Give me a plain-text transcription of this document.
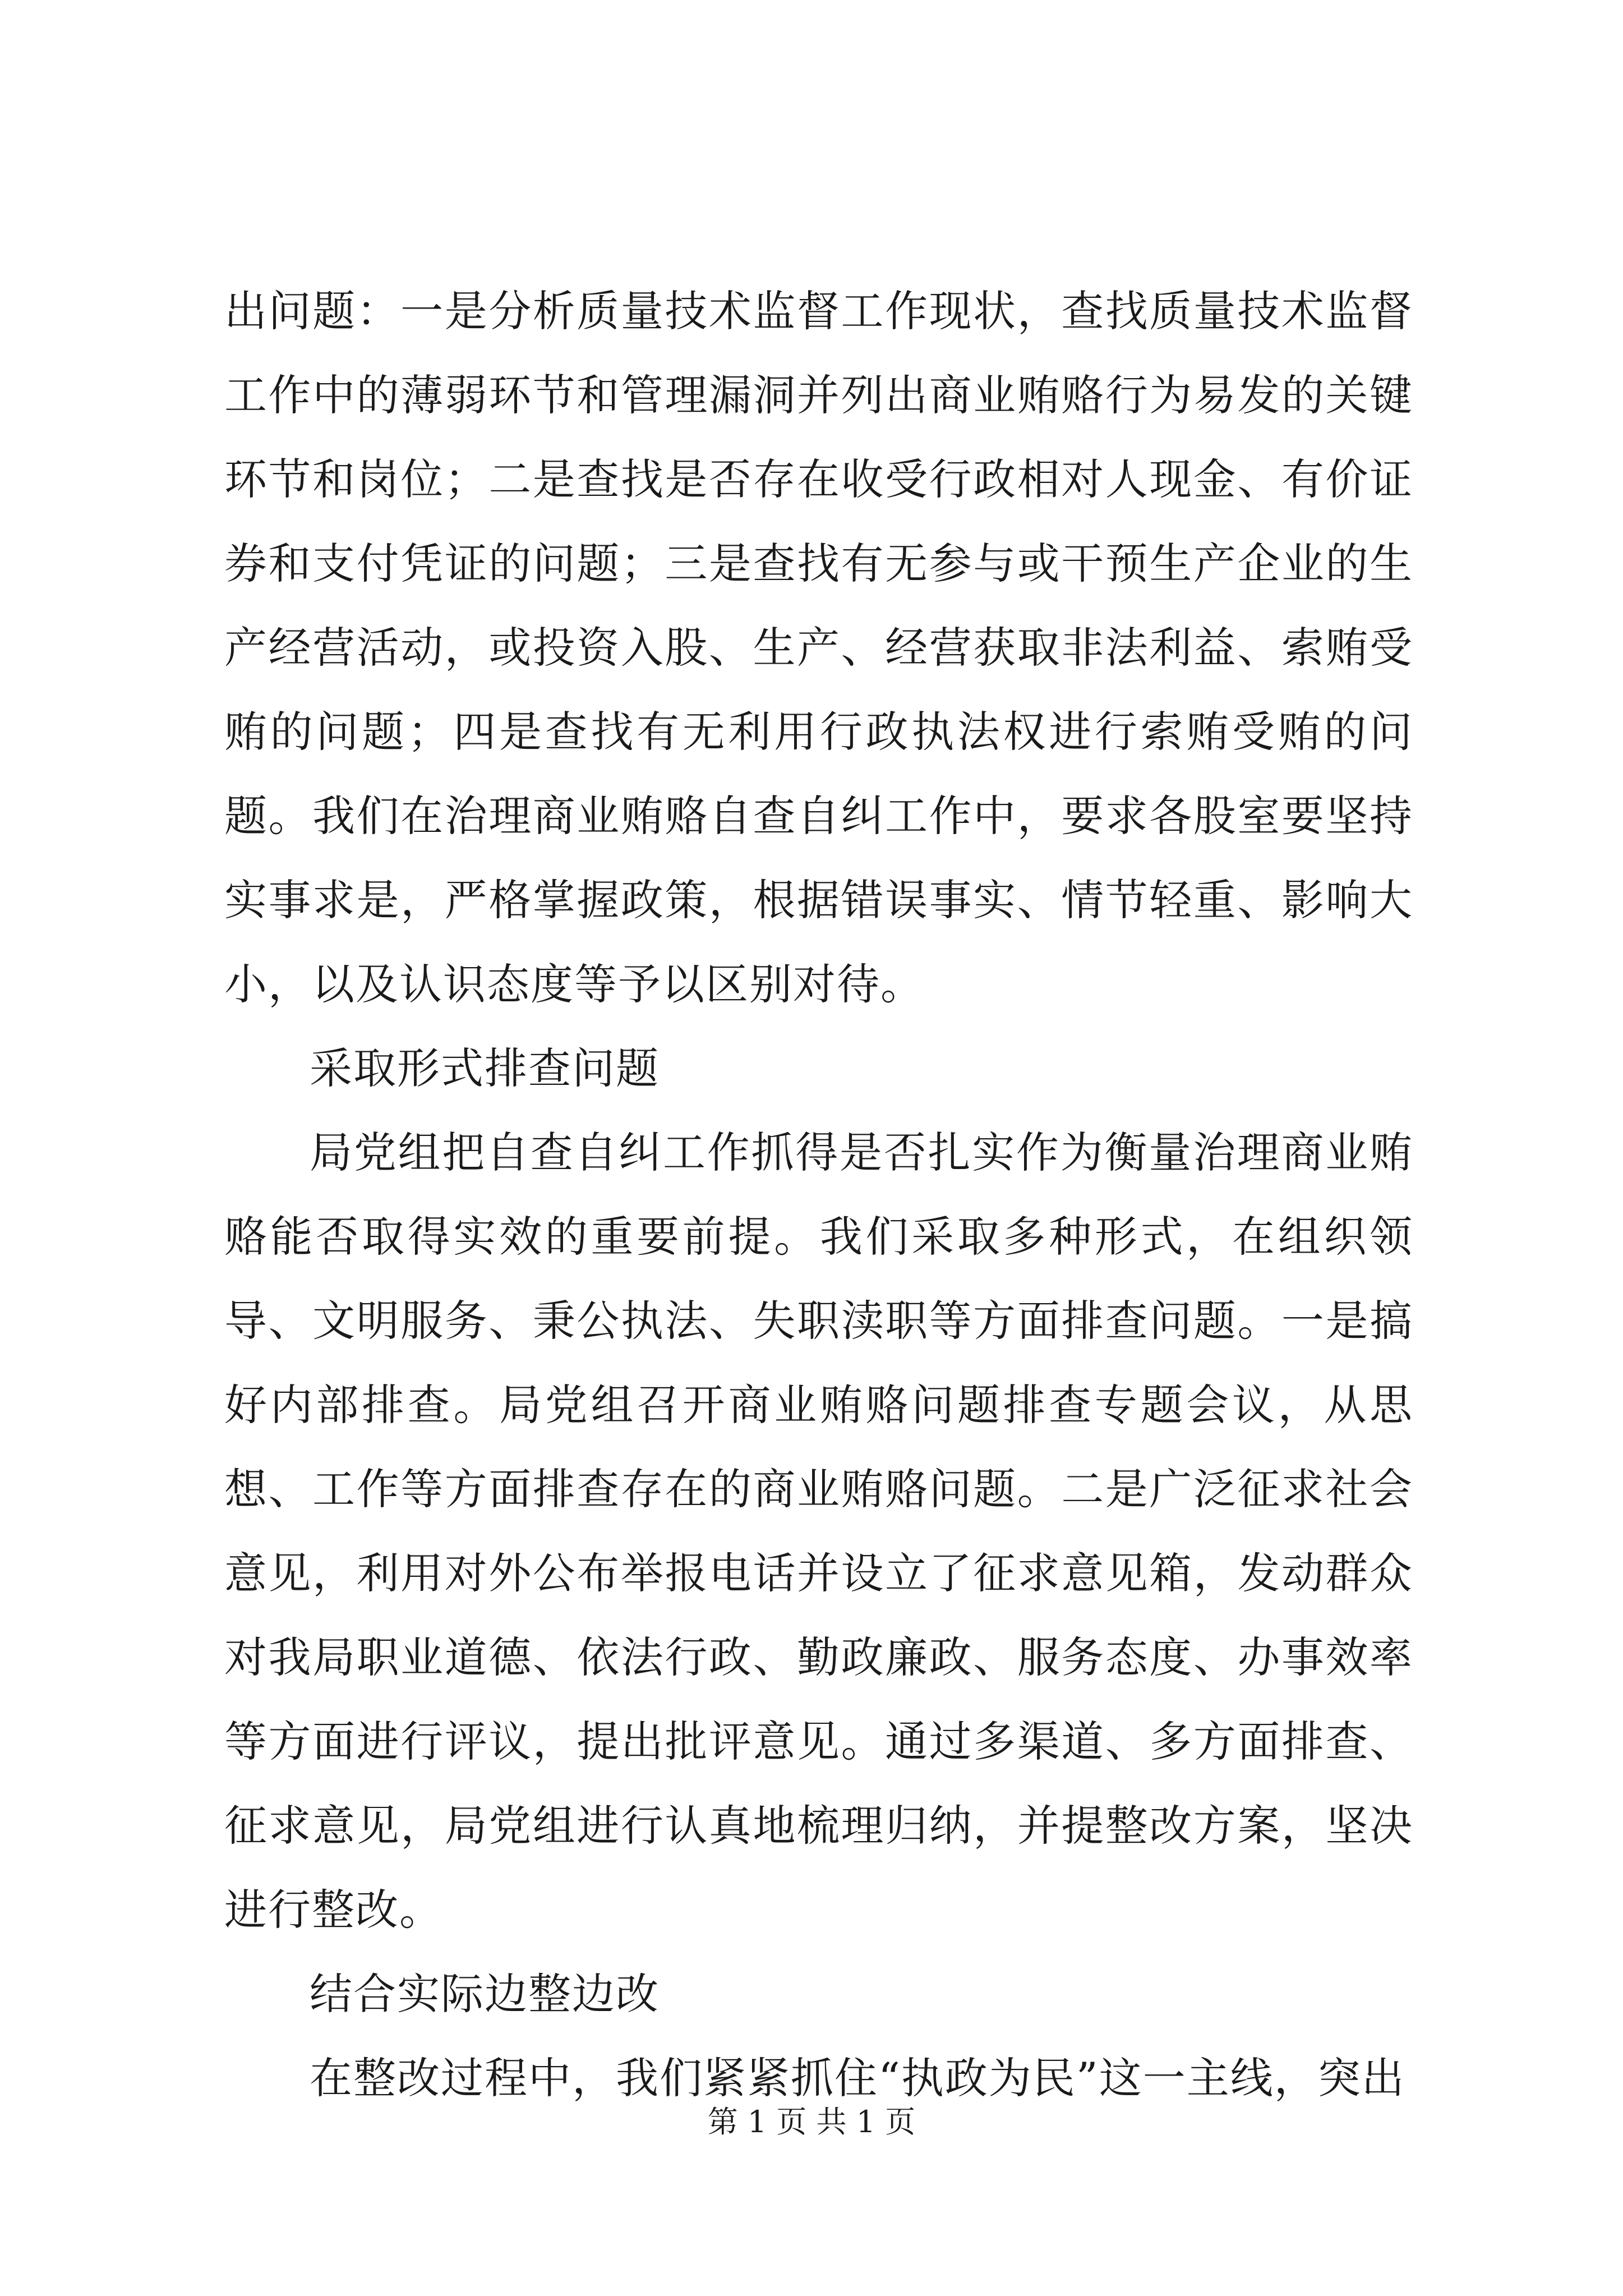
出问题：一是分析质量技术监督工作现状，查找质量技术监督工作中的薄弱环节和管理漏洞并列出商业贿赂行为易发的关键环节和岗位；二是查找是否存在收受行政相对人现金、有价证券和支付凭证的问题；三是查找有无参与或干预生产企业的生产经营活动，或投资入股、生产、经营获取非法利益、索贿受贿的问题；四是查找有无利用行政执法权进行索贿受贿的问题。我们在治理商业贿赂自查自纠工作中，要求各股室要坚持实事求是，严格掌握政策，根据错误事实、情节轻重、影响大小，以及认识态度等予以区别对待。

采取形式排查问题

局党组把自查自纠工作抓得是否扎实作为衡量治理商业贿赂能否取得实效的重要前提。我们采取多种形式，在组织领导、文明服务、秉公执法、失职渎职等方面排查问题。一是搞好内部排查。局党组召开商业贿赂问题排查专题会议，从思想、工作等方面排查存在的商业贿赂问题。二是广泛征求社会意见，利用对外公布举报电话并设立了征求意见箱，发动群众对我局职业道德、依法行政、勤政廉政、服务态度、办事效率等方面进行评议，提出批评意见。通过多渠道、多方面排查、征求意见，局党组进行认真地梳理归纳，并提整改方案，坚决进行整改。

结合实际边整边改

在整改过程中，我们紧紧抓住“执政为民”这一主线，突出

第 1 页 共 1 页
